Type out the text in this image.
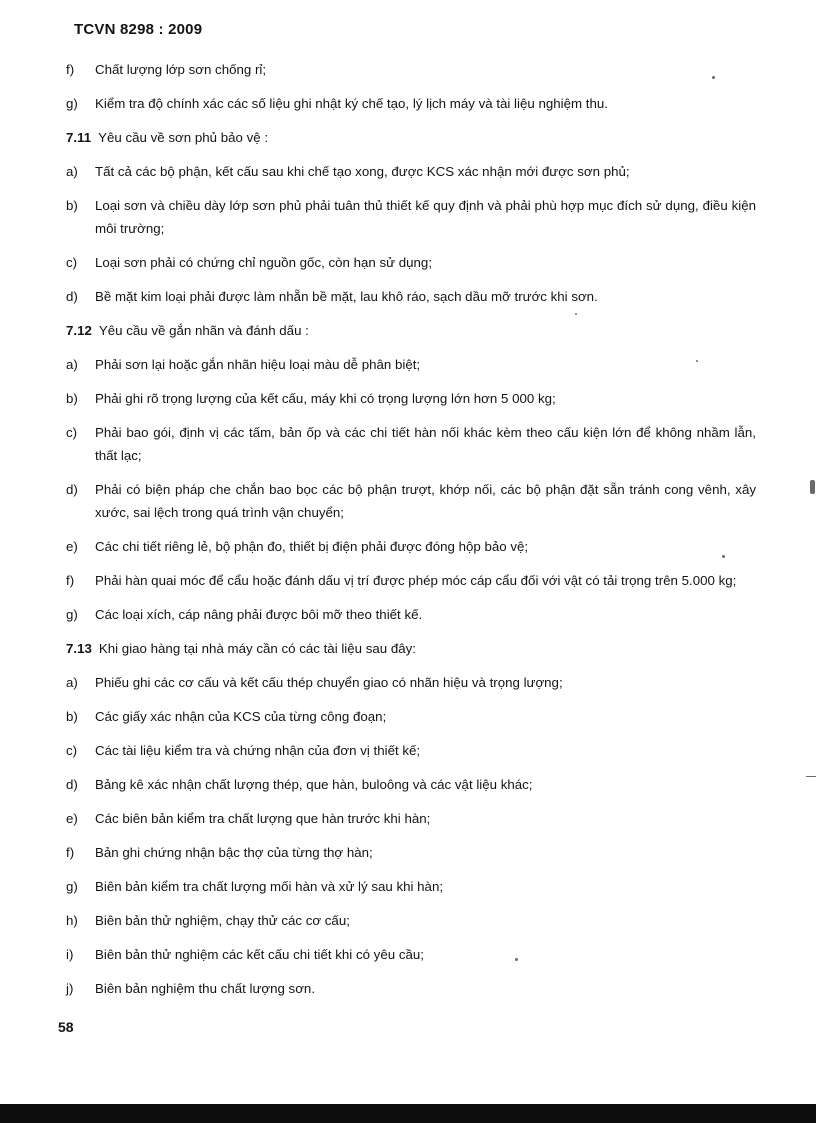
TCVN 8298 : 2009
f)	Chất lượng lớp sơn chống rỉ;
g)	Kiểm tra độ chính xác các số liệu ghi nhật ký chế tạo, lý lịch máy và tài liệu nghiệm thu.
7.11 Yêu cầu về sơn phủ bảo vệ :
a)	Tất cả các bộ phận, kết cấu sau khi chế tạo xong, được KCS xác nhận mới được sơn phủ;
b)	Loại sơn và chiều dày lớp sơn phủ phải tuân thủ thiết kế quy định và phải phù hợp mục đích sử dụng, điều kiện môi trường;
c)	Loại sơn phải có chứng chỉ nguồn gốc, còn hạn sử dụng;
d)	Bề mặt kim loại phải được làm nhẵn bề mặt, lau khô ráo, sạch dầu mỡ trước khi sơn.
7.12 Yêu cầu về gắn nhãn và đánh dấu :
a)	Phải sơn lại hoặc gắn nhãn hiệu loại màu dễ phân biệt;
b)	Phải ghi rõ trọng lượng của kết cấu, máy khi có trọng lượng lớn hơn 5 000 kg;
c)	Phải bao gói, định vị các tấm, bản ốp và các chi tiết hàn nối khác kèm theo cấu kiện lớn để không nhầm lẫn, thất lạc;
d)	Phải có biện pháp che chắn bao bọc các bộ phận trượt, khớp nối, các bộ phận đặt sẵn tránh cong vênh, xây xước, sai lệch trong quá trình vận chuyển;
e)	Các chi tiết riêng lẻ, bộ phận đo, thiết bị điện phải được đóng hộp bảo vệ;
f)	Phải hàn quai móc để cẩu hoặc đánh dấu vị trí được phép móc cáp cẩu đối với vật có tải trọng trên 5.000 kg;
g)	Các loại xích, cáp nâng phải được bôi mỡ theo thiết kế.
7.13 Khi giao hàng tại nhà máy cần có các tài liệu sau đây:
a)	Phiếu ghi các cơ cấu và kết cấu thép chuyển giao có nhãn hiệu và trọng lượng;
b)	Các giấy xác nhận của KCS của từng công đoạn;
c)	Các tài liệu kiểm tra và chứng nhận của đơn vị thiết kế;
d)	Bảng kê xác nhận chất lượng thép, que hàn, buloông và các vật liệu khác;
e)	Các biên bản kiểm tra chất lượng que hàn trước khi hàn;
f)	Bản ghi chứng nhận bậc thợ của từng thợ hàn;
g)	Biên bản kiểm tra chất lượng mối hàn và xử lý sau khi hàn;
h)	Biên bản thử nghiệm, chạy thử các cơ cấu;
i)	Biên bản thử nghiệm các kết cấu chi tiết khi có yêu cầu;
j)	Biên bản nghiệm thu chất lượng sơn.
58
